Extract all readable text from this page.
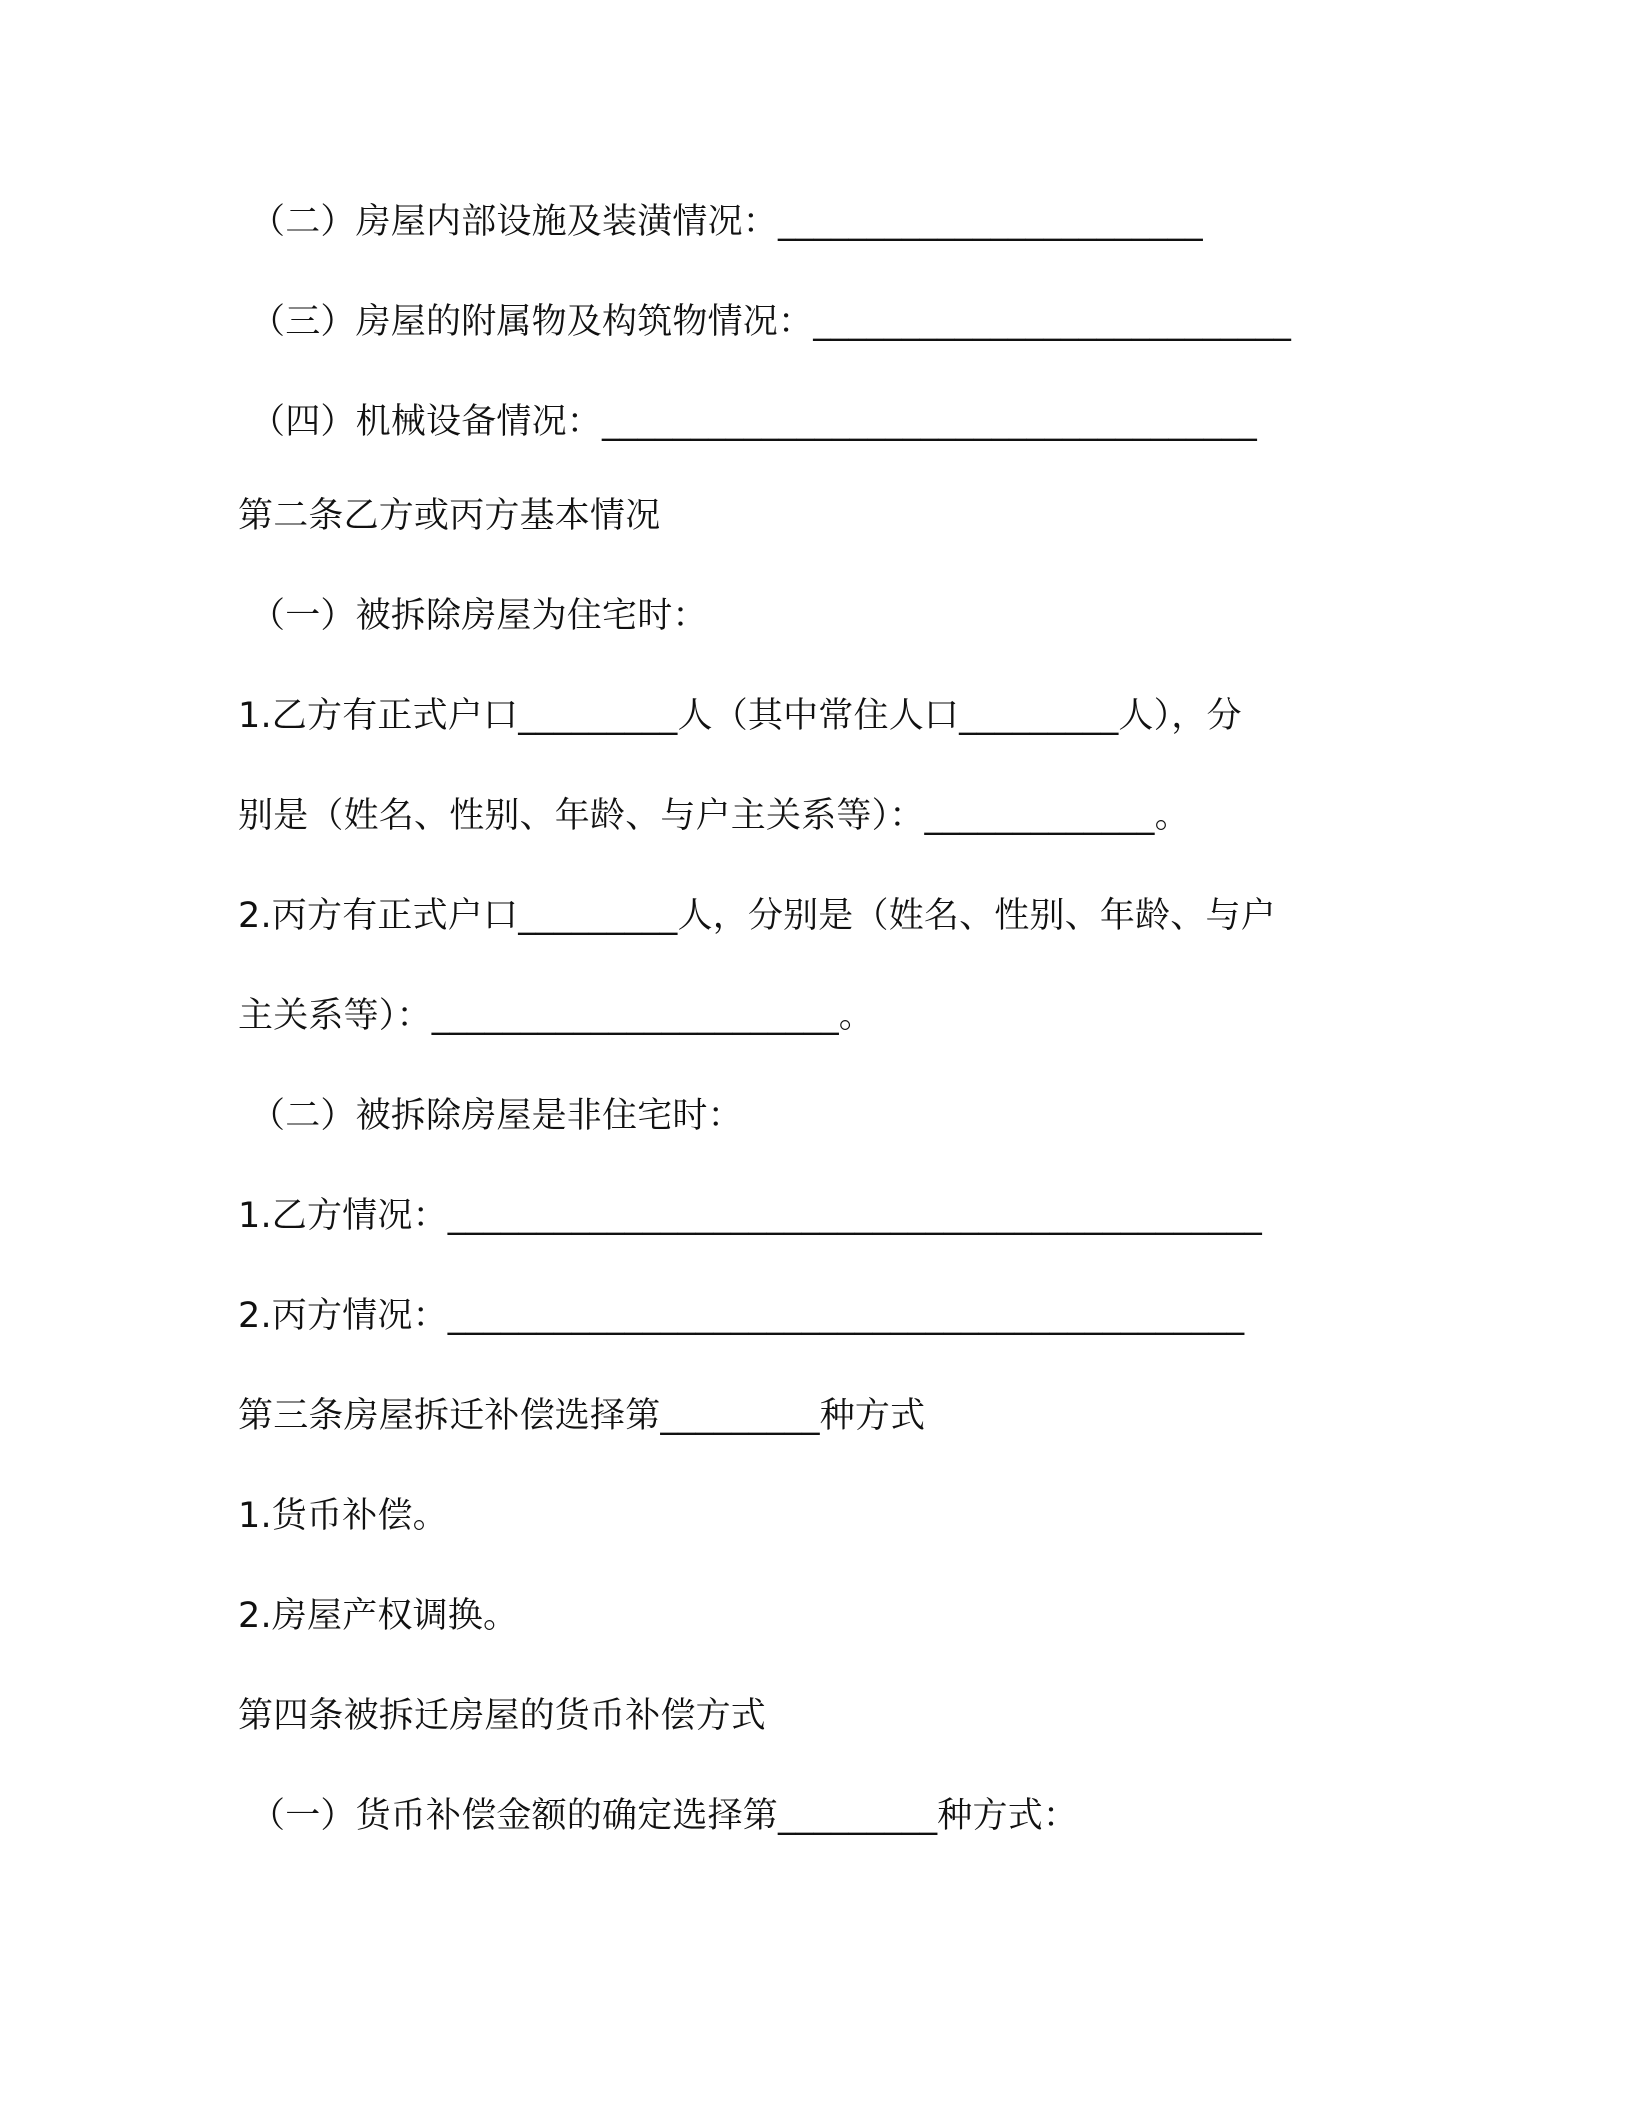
（二）房屋内部设施及装潢情况：________________________
（三）房屋的附属物及构筑物情况：___________________________
（四）机械设备情况：_____________________________________
第二条乙方或丙方基本情况
（一）被拆除房屋为住宅时：
1.乙方有正式户口_________人（其中常住人口_________人），分
别是（姓名、性别、年龄、与户主关系等）：_____________。
2.丙方有正式户口_________人，分别是（姓名、性别、年龄、与户
主关系等）：_______________________。
（二）被拆除房屋是非住宅时：
1.乙方情况：______________________________________________
2.丙方情况：_____________________________________________
第三条房屋拆迁补偿选择第_________种方式
1.货币补偿。
2.房屋产权调换。
第四条被拆迁房屋的货币补偿方式
（一）货币补偿金额的确定选择第_________种方式：
